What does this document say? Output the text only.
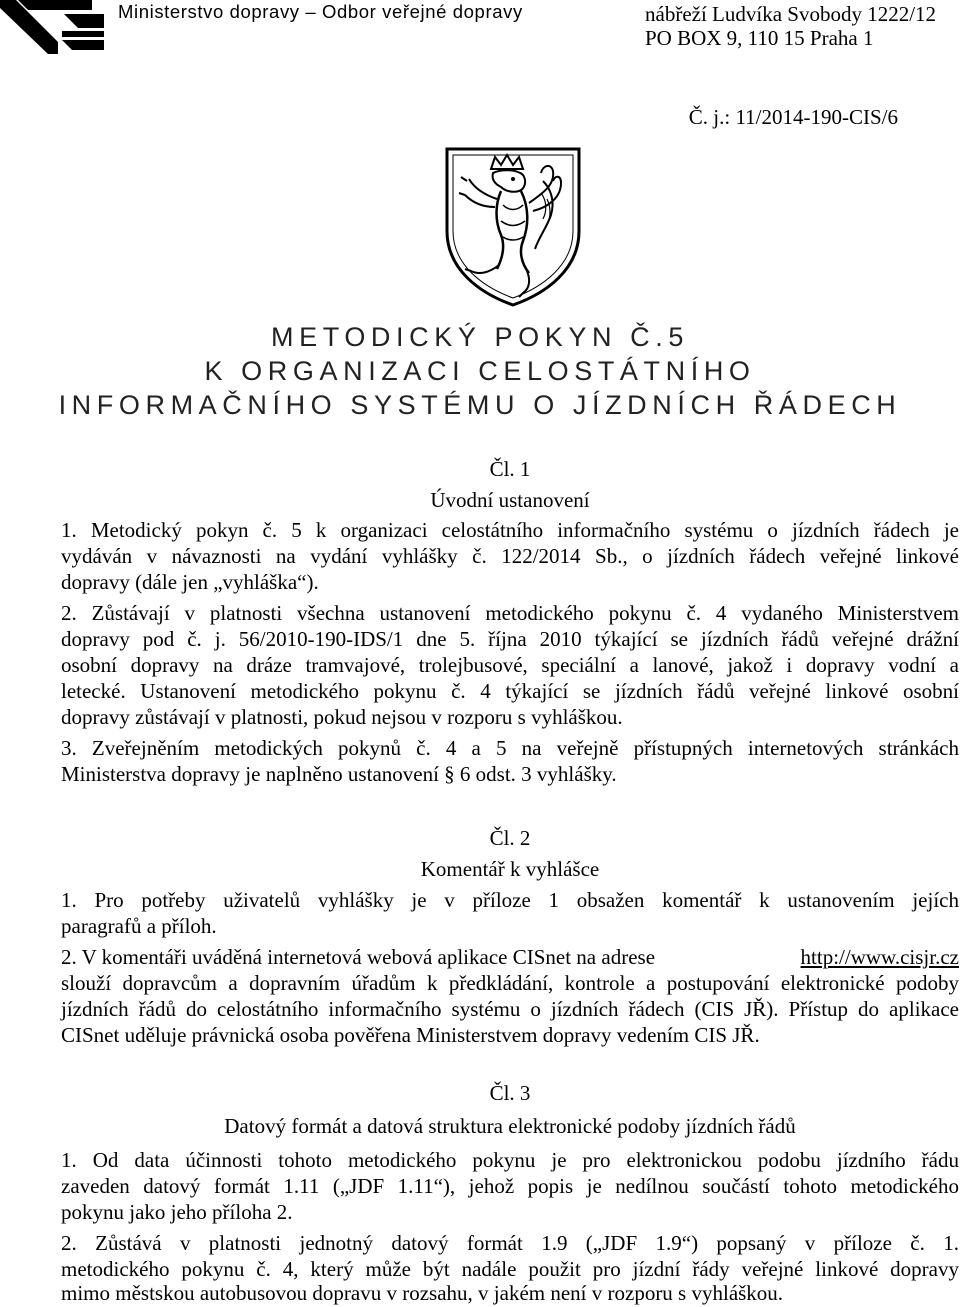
Ministerstvo dopravy – Odbor veřejné dopravy	nábřeží Ludvíka Svobody 1222/12
PO BOX 9, 110 15 Praha 1
Č. j.: 11/2014-190-CIS/6
METODICKÝ POKYN Č.5
K ORGANIZACI CELOSTÁTNÍHO
INFORMAČNÍHO SYSTÉMU O JÍZDNÍCH ŘÁDECH
Čl. 1
Úvodní ustanovení
1. Metodický pokyn č. 5 k organizaci celostátního informačního systému o jízdních řádech je
vydáván v návaznosti na vydání vyhlášky č. 122/2014 Sb., o jízdních řádech veřejné linkové
dopravy (dále jen „vyhláška“).
2. Zůstávají v platnosti všechna ustanovení metodického pokynu č. 4 vydaného Ministerstvem
dopravy pod č. j. 56/2010-190-IDS/1 dne 5. října 2010 týkající se jízdních řádů veřejné drážní
osobní dopravy na dráze tramvajové, trolejbusové, speciální a lanové, jakož i dopravy vodní a
letecké. Ustanovení metodického pokynu č. 4 týkající se jízdních řádů veřejné linkové osobní
dopravy zůstávají v platnosti, pokud nejsou v rozporu s vyhláškou.
3. Zveřejněním metodických pokynů č. 4 a 5 na veřejně přístupných internetových stránkách
Ministerstva dopravy je naplněno ustanovení § 6 odst. 3 vyhlášky.
Čl. 2
Komentář k vyhlášce
1. Pro potřeby uživatelů vyhlášky je v příloze 1 obsažen komentář k ustanovením jejích
paragrafů a příloh.
2. V komentáři uváděná internetová webová aplikace CISnet na adrese	http://www.cisjr.cz
slouží dopravcům a dopravním úřadům k předkládání, kontrole a postupování elektronické podoby
jízdních řádů do celostátního informačního systému o jízdních řádech (CIS JŘ). Přístup do aplikace
CISnet uděluje právnická osoba pověřena Ministerstvem dopravy vedením CIS JŘ.
Čl. 3
Datový formát a datová struktura elektronické podoby jízdních řádů
1. Od data účinnosti tohoto metodického pokynu je pro elektronickou podobu jízdního řádu
zaveden datový formát 1.11 („JDF 1.11“), jehož popis je nedílnou součástí tohoto metodického
pokynu jako jeho příloha 2.
2. Zůstává v platnosti jednotný datový formát 1.9 („JDF 1.9“) popsaný v příloze č. 1.
metodického pokynu č. 4, který může být nadále použit pro jízdní řády veřejné linkové dopravy
mimo městskou autobusovou dopravu v rozsahu, v jakém není v rozporu s vyhláškou.
